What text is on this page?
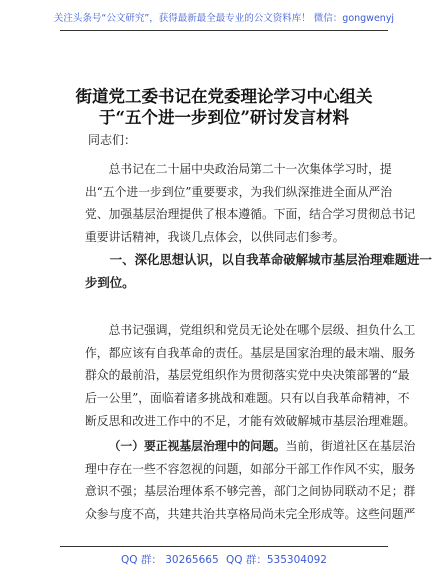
关注头条号“公文研究”，获得最新最全最专业的公文资料库！ 微信：gongwenyj
街道党工委书记在党委理论学习中心组关
于“五个进一步到位”研讨发言材料
同志们：
总书记在二十届中央政治局第二十一次集体学习时，提
出“五个进一步到位”重要要求，为我们纵深推进全面从严治
党、加强基层治理提供了根本遵循。下面，结合学习贯彻总书记
重要讲话精神，我谈几点体会，以供同志们参考。
一、深化思想认识，以自我革命破解城市基层治理难题进一
步到位。
总书记强调，党组织和党员无论处在哪个层级、担负什么工
作，都应该有自我革命的责任。基层是国家治理的最末端、服务
群众的最前沿，基层党组织作为贯彻落实党中央决策部署的“最
后一公里”，面临着诸多挑战和难题。只有以自我革命精神，不
断反思和改进工作中的不足，才能有效破解城市基层治理难题。
（一）要正视基层治理中的问题。当前，街道社区在基层治
理中存在一些不容忽视的问题，如部分干部工作作风不实，服务
意识不强；基层治理体系不够完善，部门之间协同联动不足；群
众参与度不高，共建共治共享格局尚未完全形成等。这些问题严
QQ 群： 30265665 QQ 群：535304092
